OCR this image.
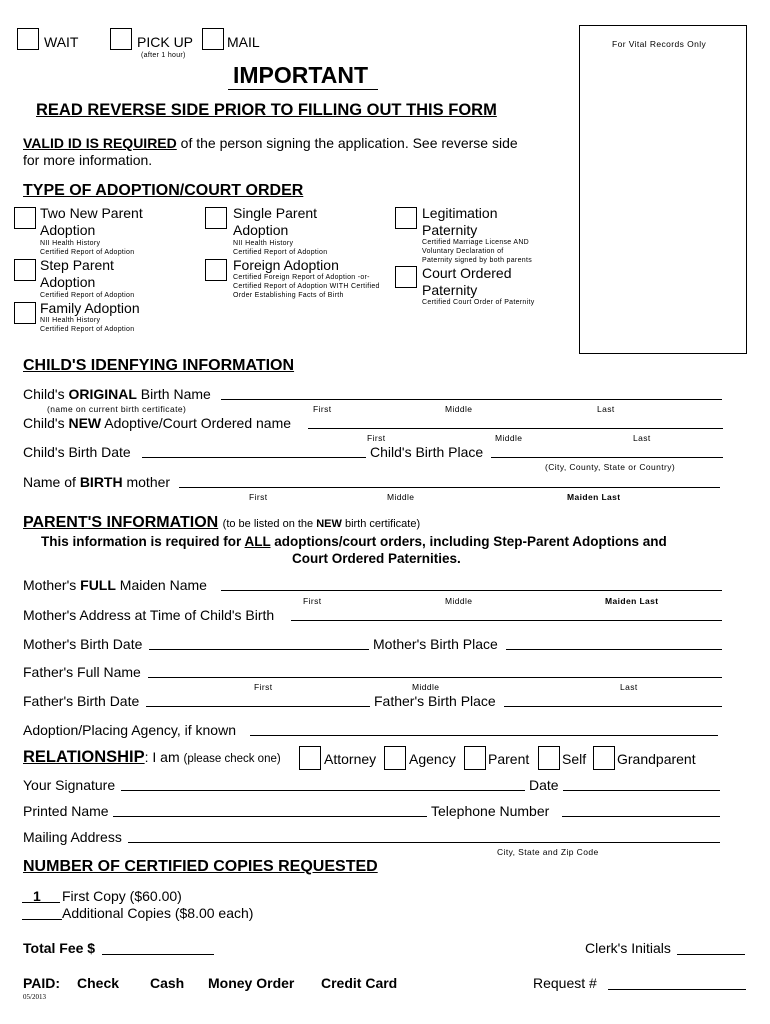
WAIT	PICK UP
(after 1 hour)
MAIL	For Vital Records Only
IMPORTANT
READ REVERSE SIDE PRIOR TO FILLING OUT THIS FORM
VALID ID IS REQUIRED of the person signing the application. See reverse side
for more information.
TYPE OF ADOPTION/COURT ORDER
Two New Parent
Adoption
NII Health History
Certified Report of Adoption
Single Parent
Adoption
NII Health History
Certified Report of Adoption
Legitimation
Paternity
Certified Marriage License AND
Voluntary Declaration of
Paternity signed by both parents
Step Parent
Adoption
Certified Report of Adoption
Foreign Adoption
Certified Foreign Report of Adoption -or-
Certified Report of Adoption WITH Certified
Order Establishing Facts of Birth
Court Ordered
Paternity
Certified Court Order of Paternity
Family Adoption
NII Health History
Certified Report of Adoption
CHILD'S IDENFYING INFORMATION
Child's ORIGINAL Birth Name
(name on current birth certificate)	First	Middle	Last
Child's NEW Adoptive/Court Ordered name
First	Middle	Last
Child's Birth Date	Child's Birth Place
(City, County, State or Country)
Name of BIRTH mother
First	Middle	Maiden Last
PARENT'S INFORMATION (to be listed on the NEW birth certificate)
This information is required for ALL adoptions/court orders, including Step-Parent Adoptions and
Court Ordered Paternities.
Mother's FULL Maiden Name
First	Middle	Maiden Last
Mother's Address at Time of Child's Birth
Mother's Birth Date	Mother's Birth Place
Father's Full Name
First	Middle	Last
Father's Birth Date	Father's Birth Place
Adoption/Placing Agency, if known
RELATIONSHIP: I am (please check one)	Attorney Agency Parent Self Grandparent
Your Signature	Date
Printed Name	Telephone Number
Mailing Address
City, State and Zip Code
NUMBER OF CERTIFIED COPIES REQUESTED
1 First Copy ($60.00)
Additional Copies ($8.00 each)
Total Fee $	Clerk's Initials
PAID: Check Cash Money Order Credit Card	Request #
05/2013
